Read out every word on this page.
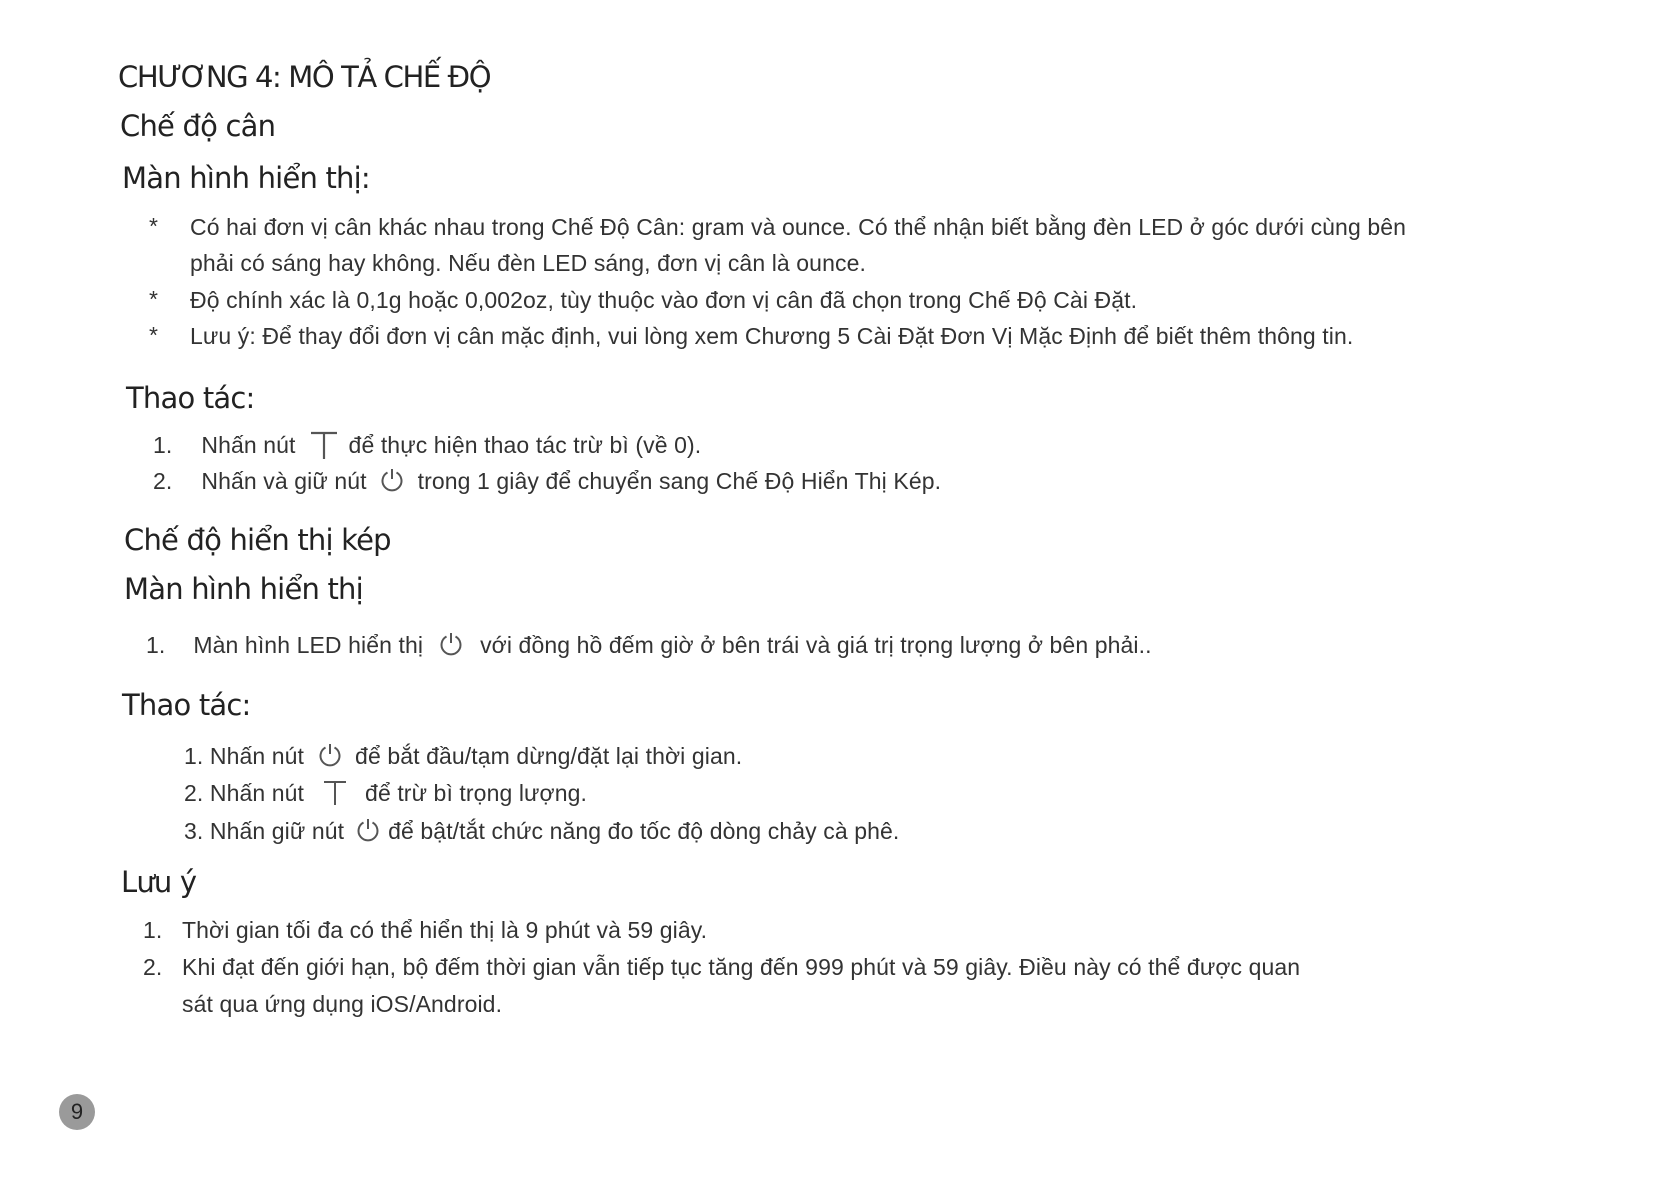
CHƯƠNG 4: MÔ TẢ CHẾ ĐỘ
Chế độ cân
Màn hình hiển thị:
* Có hai đơn vị cân khác nhau trong Chế Độ Cân: gram và ounce. Có thể nhận biết bằng đèn LED ở góc dưới cùng bên
phải có sáng hay không. Nếu đèn LED sáng, đơn vị cân là ounce.
* Độ chính xác là 0,1g hoặc 0,002oz, tùy thuộc vào đơn vị cân đã chọn trong Chế Độ Cài Đặt.
* Lưu ý: Để thay đổi đơn vị cân mặc định, vui lòng xem Chương 5 Cài Đặt Đơn Vị Mặc Định để biết thêm thông tin.
Thao tác:
1. Nhấn nút để thực hiện thao tác trừ bì (về 0).
2. Nhấn và giữ nút trong 1 giây để chuyển sang Chế Độ Hiển Thị Kép.
Chế độ hiển thị kép
Màn hình hiển thị
1. Màn hình LED hiển thị với đồng hồ đếm giờ ở bên trái và giá trị trọng lượng ở bên phải..
Thao tác:
1. Nhấn nút để bắt đầu/tạm dừng/đặt lại thời gian.
2. Nhấn nút	để trừ bì trọng lượng.
3. Nhấn giữ nút để bật/tắt chức năng đo tốc độ dòng chảy cà phê.
Lưu ý
1. Thời gian tối đa có thể hiển thị là 9 phút và 59 giây.
2. Khi đạt đến giới hạn, bộ đếm thời gian vẫn tiếp tục tăng đến 999 phút và 59 giây. Điều này có thể được quan
sát qua ứng dụng iOS/Android.
9
